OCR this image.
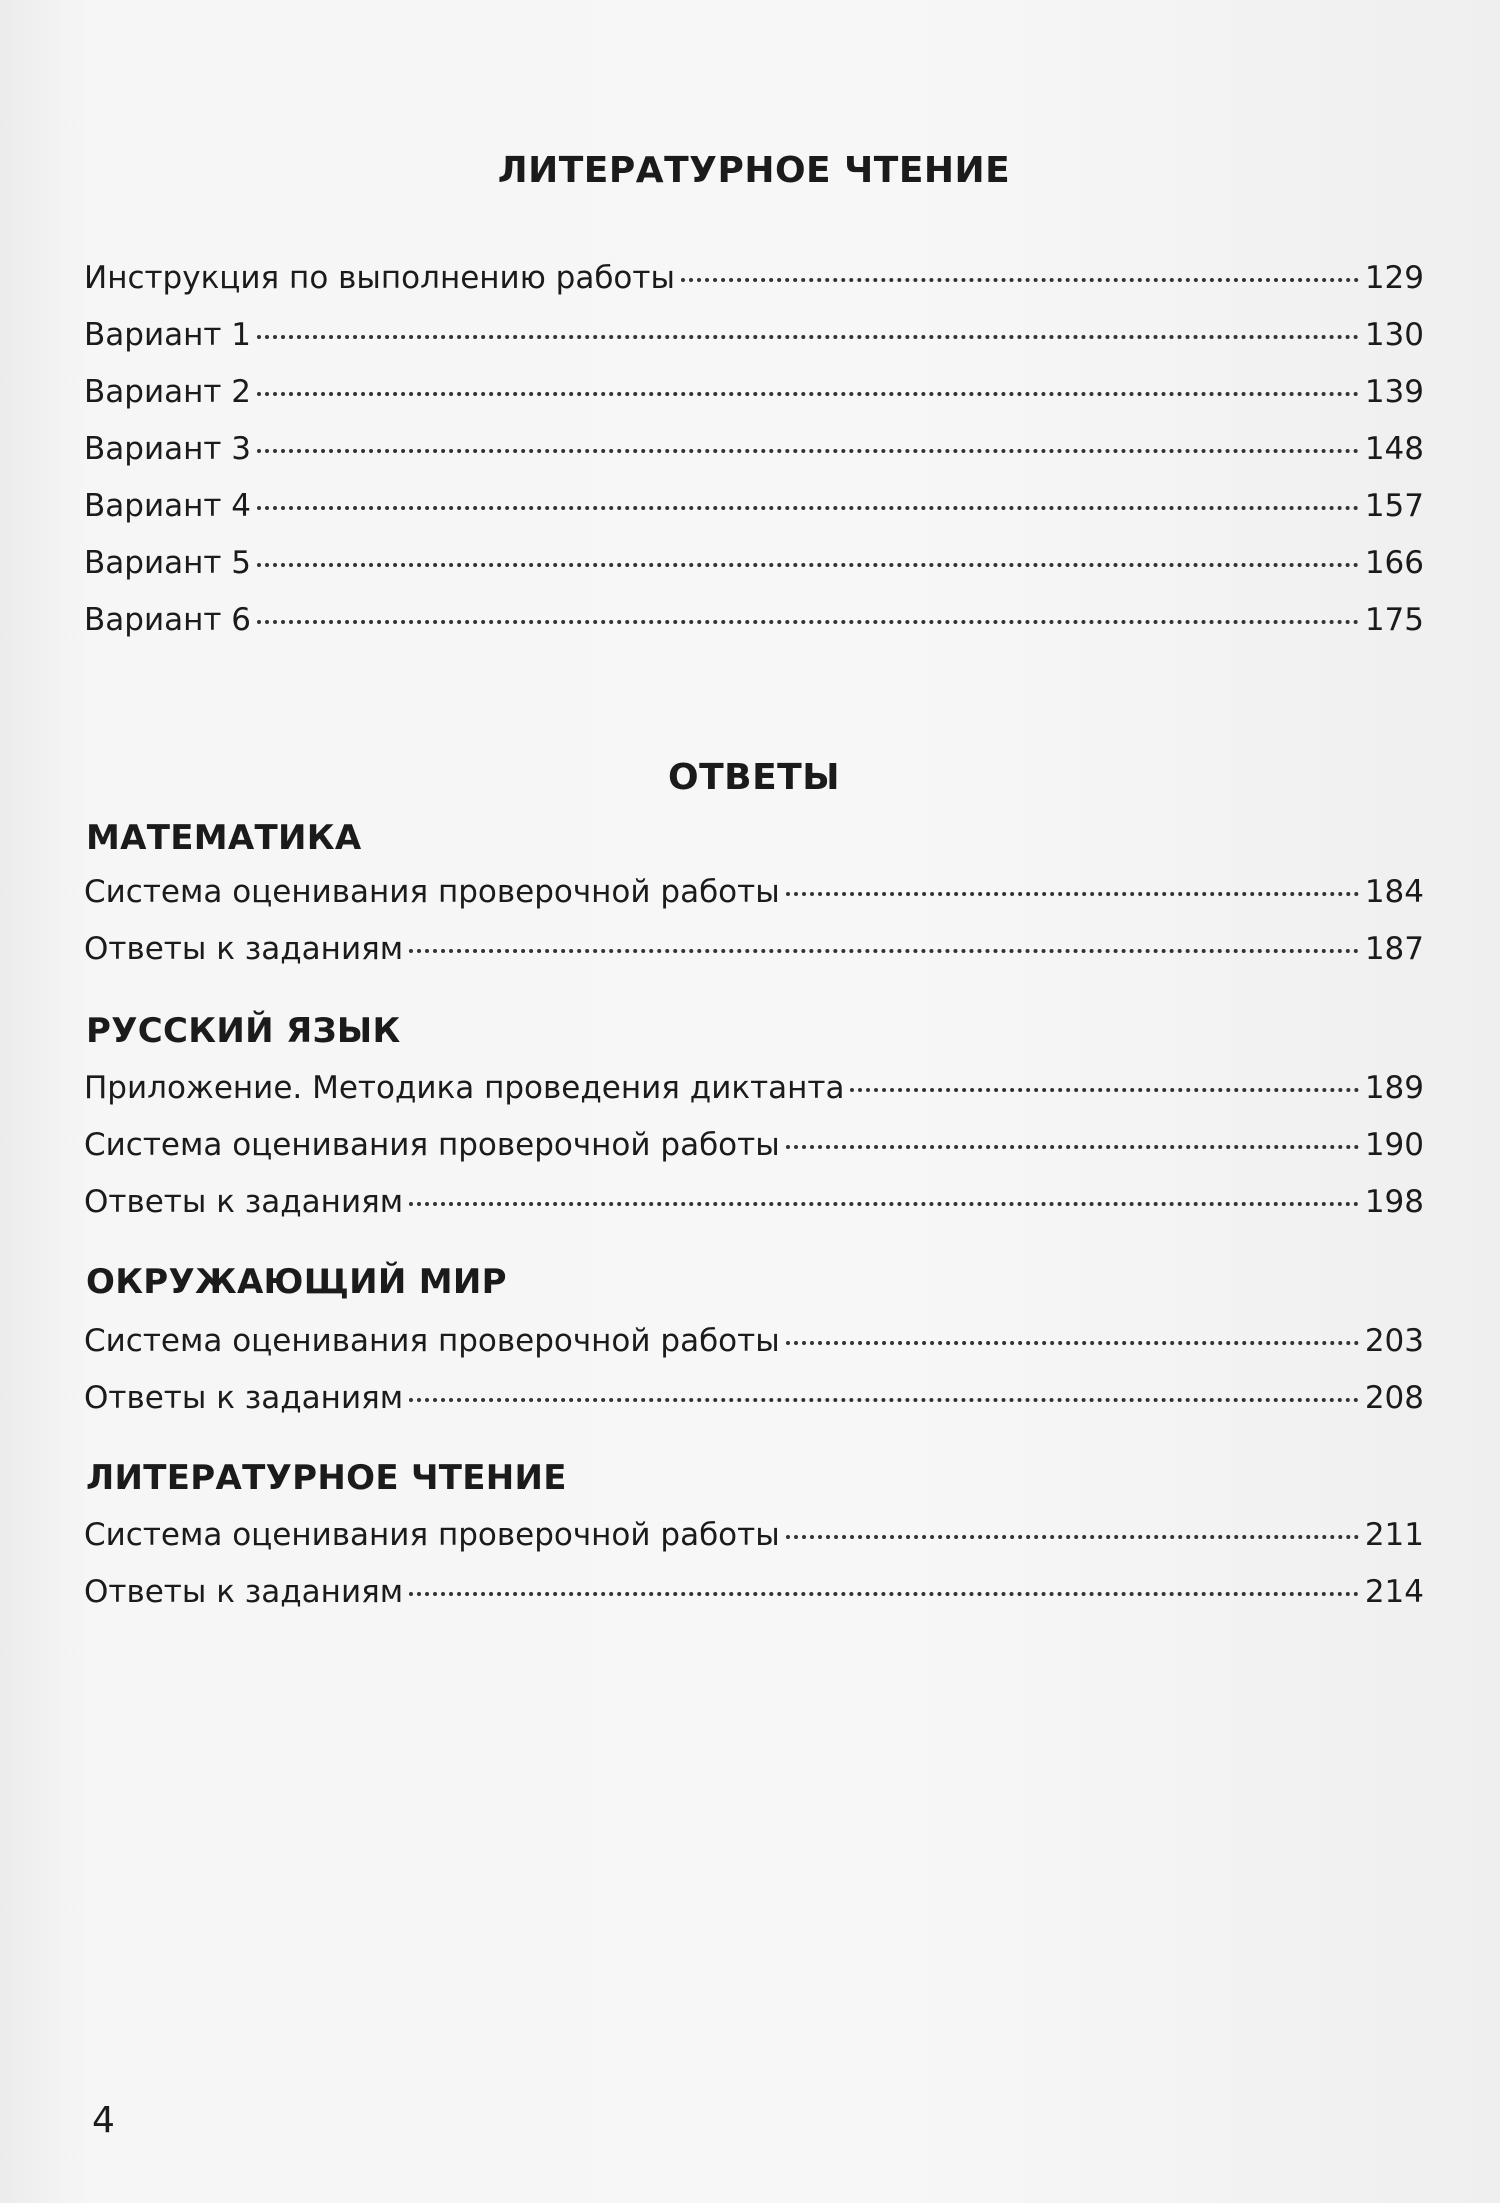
ЛИТЕРАТУРНОЕ ЧТЕНИЕ
Инструкция по выполнению работы	129
Вариант 1	130
Вариант 2	139
Вариант 3	148
Вариант 4	157
Вариант 5	166
Вариант 6	175
ОТВЕТЫ
МАТЕМАТИКА
Система оценивания проверочной работы	184
Ответы к заданиям	187
РУССКИЙ ЯЗЫК
Приложение. Методика проведения диктанта	189
Система оценивания проверочной работы	190
Ответы к заданиям	198
ОКРУЖАЮЩИЙ МИР
Система оценивания проверочной работы	203
Ответы к заданиям	208
ЛИТЕРАТУРНОЕ ЧТЕНИЕ
Система оценивания проверочной работы	211
Ответы к заданиям	214
4
